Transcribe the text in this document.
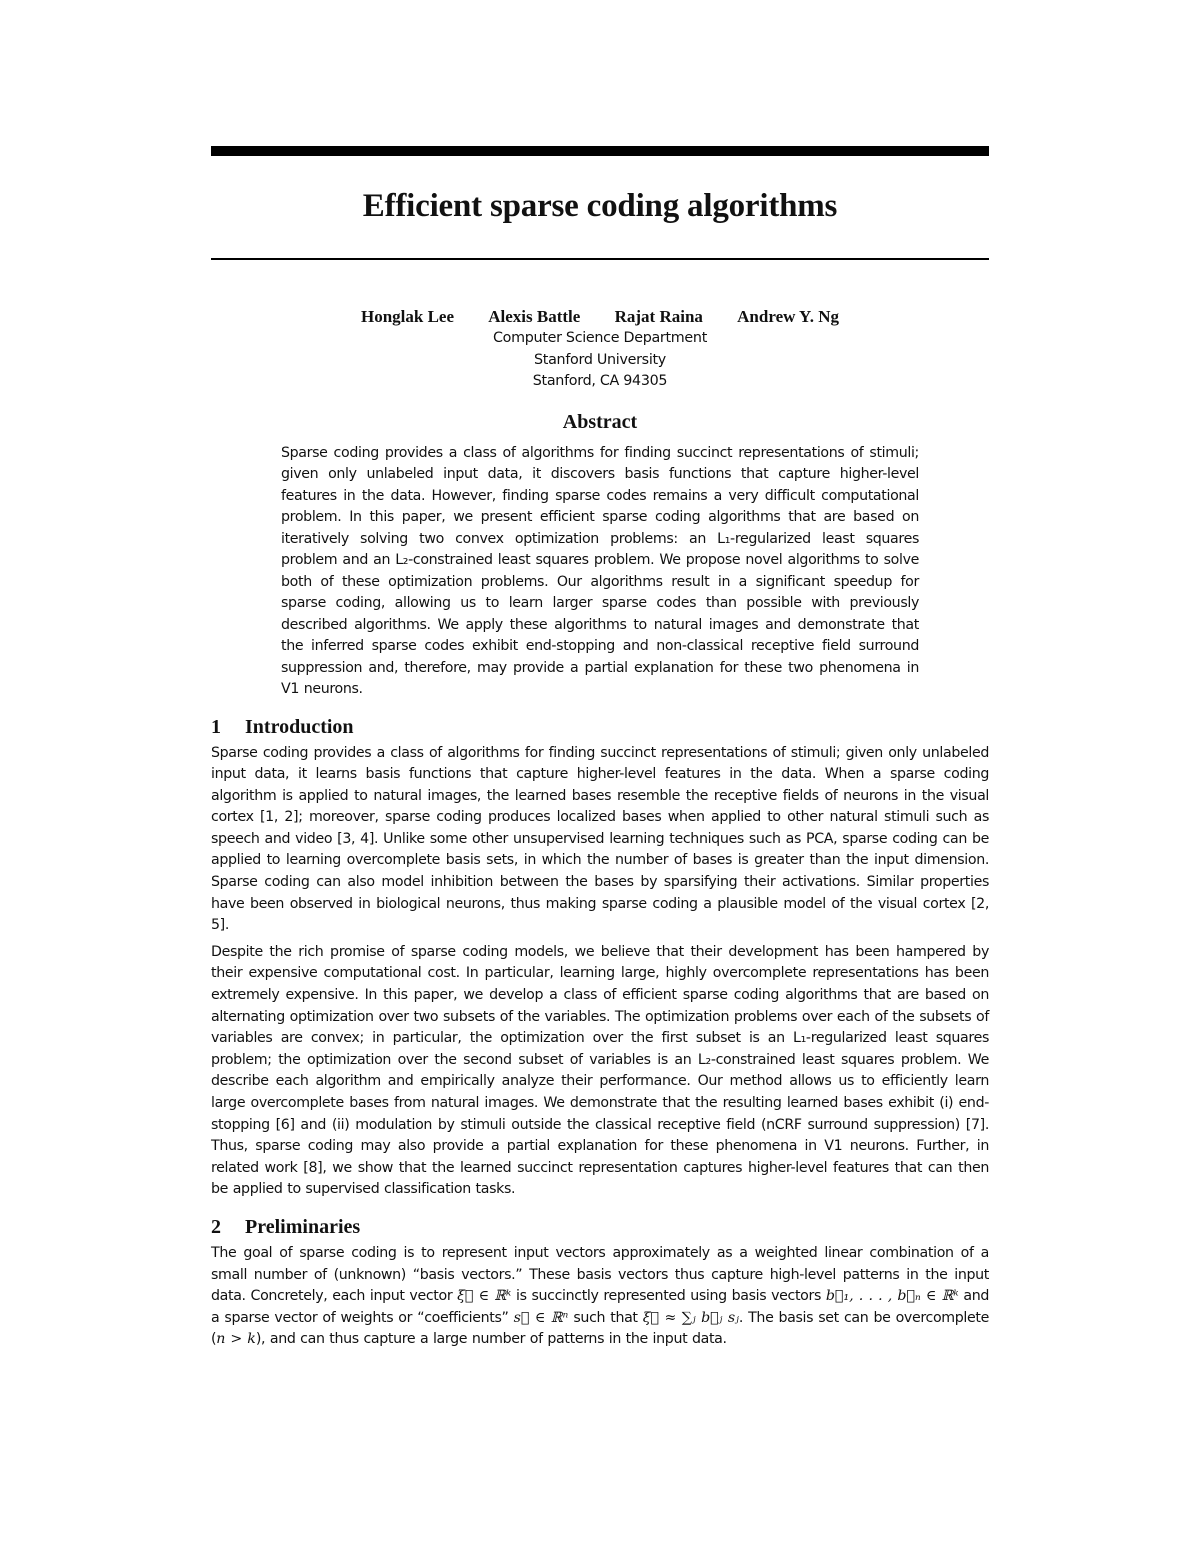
Efficient sparse coding algorithms
Honglak Lee Alexis Battle Rajat Raina Andrew Y. Ng
Computer Science Department
Stanford University
Stanford, CA 94305
Abstract
Sparse coding provides a class of algorithms for finding succinct representations of stimuli; given only unlabeled input data, it discovers basis functions that capture higher-level features in the data. However, finding sparse codes remains a very difficult computational problem. In this paper, we present efficient sparse coding algorithms that are based on iteratively solving two convex optimization problems: an L₁-regularized least squares problem and an L₂-constrained least squares problem. We propose novel algorithms to solve both of these optimization problems. Our algorithms result in a significant speedup for sparse coding, allowing us to learn larger sparse codes than possible with previously described algorithms. We apply these algorithms to natural images and demonstrate that the inferred sparse codes exhibit end-stopping and non-classical receptive field surround suppression and, therefore, may provide a partial explanation for these two phenomena in V1 neurons.
1 Introduction
Sparse coding provides a class of algorithms for finding succinct representations of stimuli; given only unlabeled input data, it learns basis functions that capture higher-level features in the data. When a sparse coding algorithm is applied to natural images, the learned bases resemble the receptive fields of neurons in the visual cortex [1, 2]; moreover, sparse coding produces localized bases when applied to other natural stimuli such as speech and video [3, 4]. Unlike some other unsupervised learning techniques such as PCA, sparse coding can be applied to learning overcomplete basis sets, in which the number of bases is greater than the input dimension. Sparse coding can also model inhibition between the bases by sparsifying their activations. Similar properties have been observed in biological neurons, thus making sparse coding a plausible model of the visual cortex [2, 5].
Despite the rich promise of sparse coding models, we believe that their development has been hampered by their expensive computational cost. In particular, learning large, highly overcomplete representations has been extremely expensive. In this paper, we develop a class of efficient sparse coding algorithms that are based on alternating optimization over two subsets of the variables. The optimization problems over each of the subsets of variables are convex; in particular, the optimization over the first subset is an L₁-regularized least squares problem; the optimization over the second subset of variables is an L₂-constrained least squares problem. We describe each algorithm and empirically analyze their performance. Our method allows us to efficiently learn large overcomplete bases from natural images. We demonstrate that the resulting learned bases exhibit (i) end-stopping [6] and (ii) modulation by stimuli outside the classical receptive field (nCRF surround suppression) [7]. Thus, sparse coding may also provide a partial explanation for these phenomena in V1 neurons. Further, in related work [8], we show that the learned succinct representation captures higher-level features that can then be applied to supervised classification tasks.
2 Preliminaries
The goal of sparse coding is to represent input vectors approximately as a weighted linear combination of a small number of (unknown) “basis vectors.” These basis vectors thus capture high-level patterns in the input data. Concretely, each input vector ξ⃗ ∈ ℝᵏ is succinctly represented using basis vectors b⃗₁, . . . , b⃗ₙ ∈ ℝᵏ and a sparse vector of weights or “coefficients” s⃗ ∈ ℝⁿ such that ξ⃗ ≈ ∑ⱼ b⃗ⱼ sⱼ. The basis set can be overcomplete (n > k), and can thus capture a large number of patterns in the input data.
